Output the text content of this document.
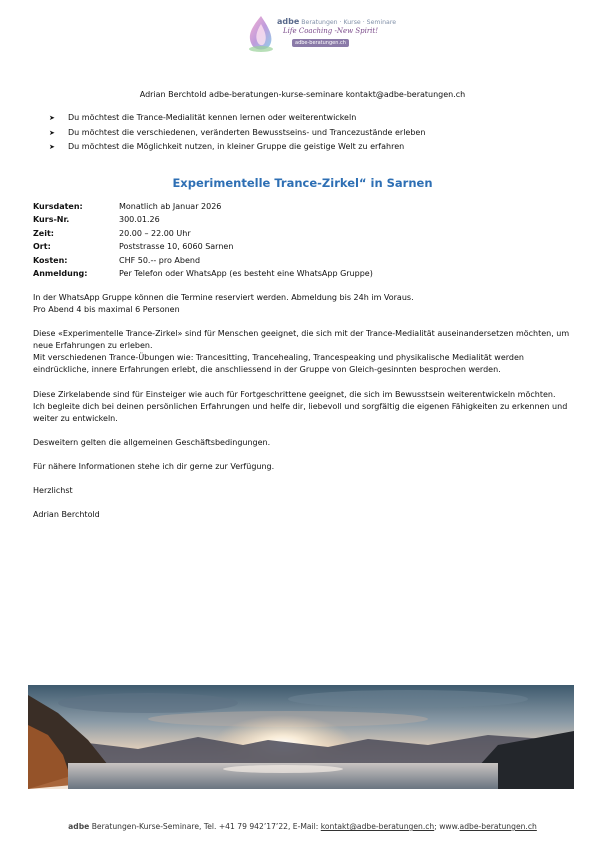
adbe Beratungen · Kurse · Seminare
Life Coaching -New Spirit!
adbe-beratungen.ch
Adrian Berchtold adbe-beratungen-kurse-seminare kontakt@adbe-beratungen.ch
➤ Du möchtest die Trance-Medialität kennen lernen oder weiterentwickeln
➤ Du möchtest die verschiedenen, veränderten Bewusstseins- und Trancezustände erleben
➤ Du möchtest die Möglichkeit nutzen, in kleiner Gruppe die geistige Welt zu erfahren
Experimentelle Trance-Zirkel“ in Sarnen
Kursdaten:	Monatlich ab Januar 2026
Kurs-Nr.	300.01.26
Zeit:	20.00 – 22.00 Uhr
Ort:	Poststrasse 10, 6060 Sarnen
Kosten:	CHF 50.-- pro Abend
Anmeldung:	Per Telefon oder WhatsApp (es besteht eine WhatsApp Gruppe)

In der WhatsApp Gruppe können die Termine reserviert werden. Abmeldung bis 24h im Voraus.
Pro Abend 4 bis maximal 6 Personen

Diese «Experimentelle Trance-Zirkel» sind für Menschen geeignet, die sich mit der Trance-Medialität auseinandersetzen möchten, um neue Erfahrungen zu erleben.
Mit verschiedenen Trance-Übungen wie: Trancesitting, Trancehealing, Trancespeaking und physikalische Medialität werden eindrückliche, innere Erfahrungen erlebt, die anschliessend in der Gruppe von Gleich-gesinnten besprochen werden.

Diese Zirkelabende sind für Einsteiger wie auch für Fortgeschrittene geeignet, die sich im Bewusstsein weiterentwickeln möchten.
Ich begleite dich bei deinen persönlichen Erfahrungen und helfe dir, liebevoll und sorgfältig die eigenen Fähigkeiten zu erkennen und weiter zu entwickeln.

Desweitern gelten die allgemeinen Geschäftsbedingungen.

Für nähere Informationen stehe ich dir gerne zur Verfügung.

Herzlichst

Adrian Berchtold

adbe Beratungen-Kurse-Seminare, Tel. +41 79 942’17’22, E-Mail: kontakt@adbe-beratungen.ch; www.adbe-beratungen.ch
